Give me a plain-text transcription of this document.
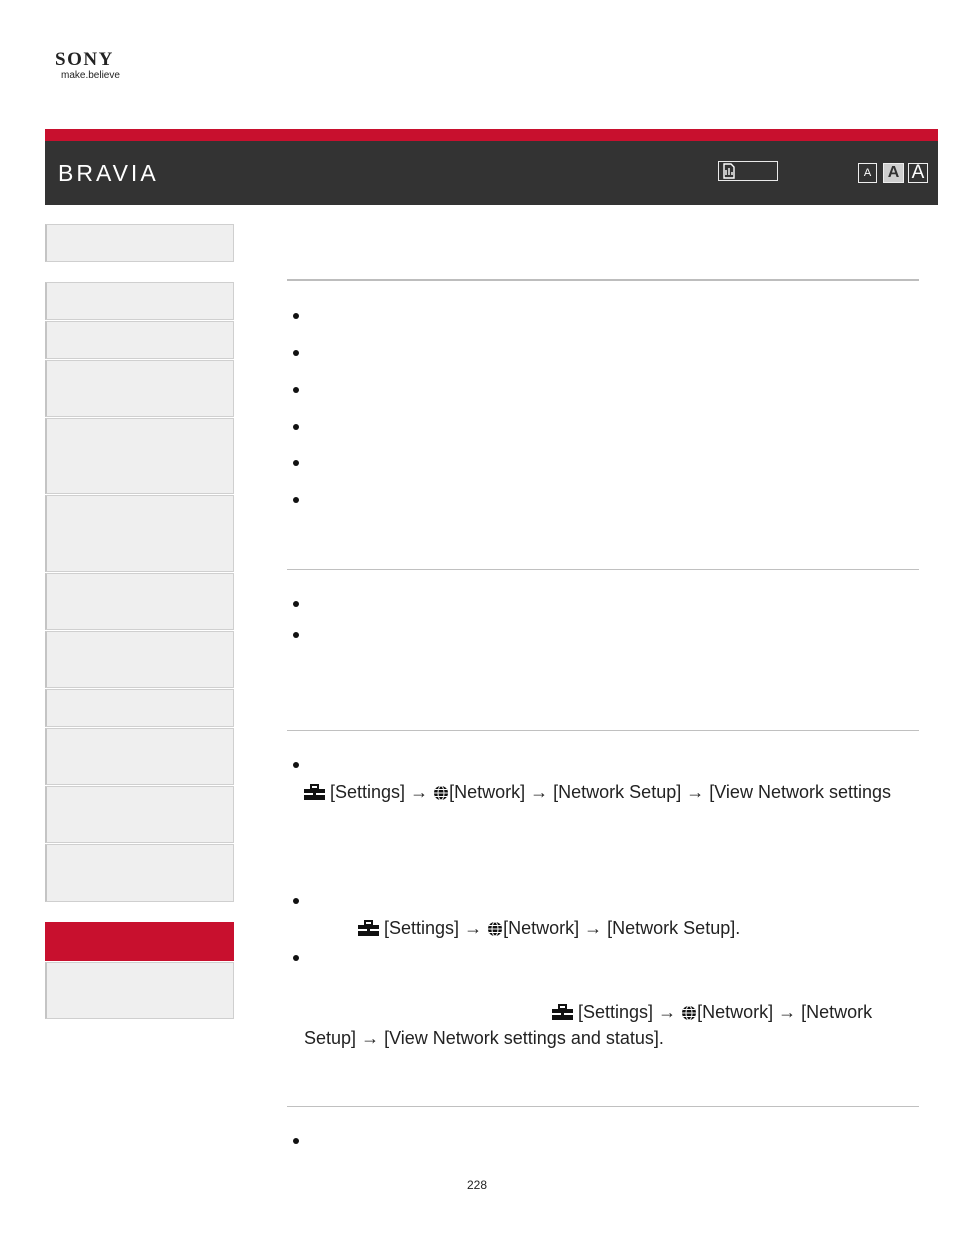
SONY
make.believe
BRAVIA	A	A A
[Settings] → [Network] → [Network Setup] → [View Network settings
[Settings] → [Network] → [Network Setup].
[Settings] → [Network] → [Network
Setup] → [View Network settings and status].
228
